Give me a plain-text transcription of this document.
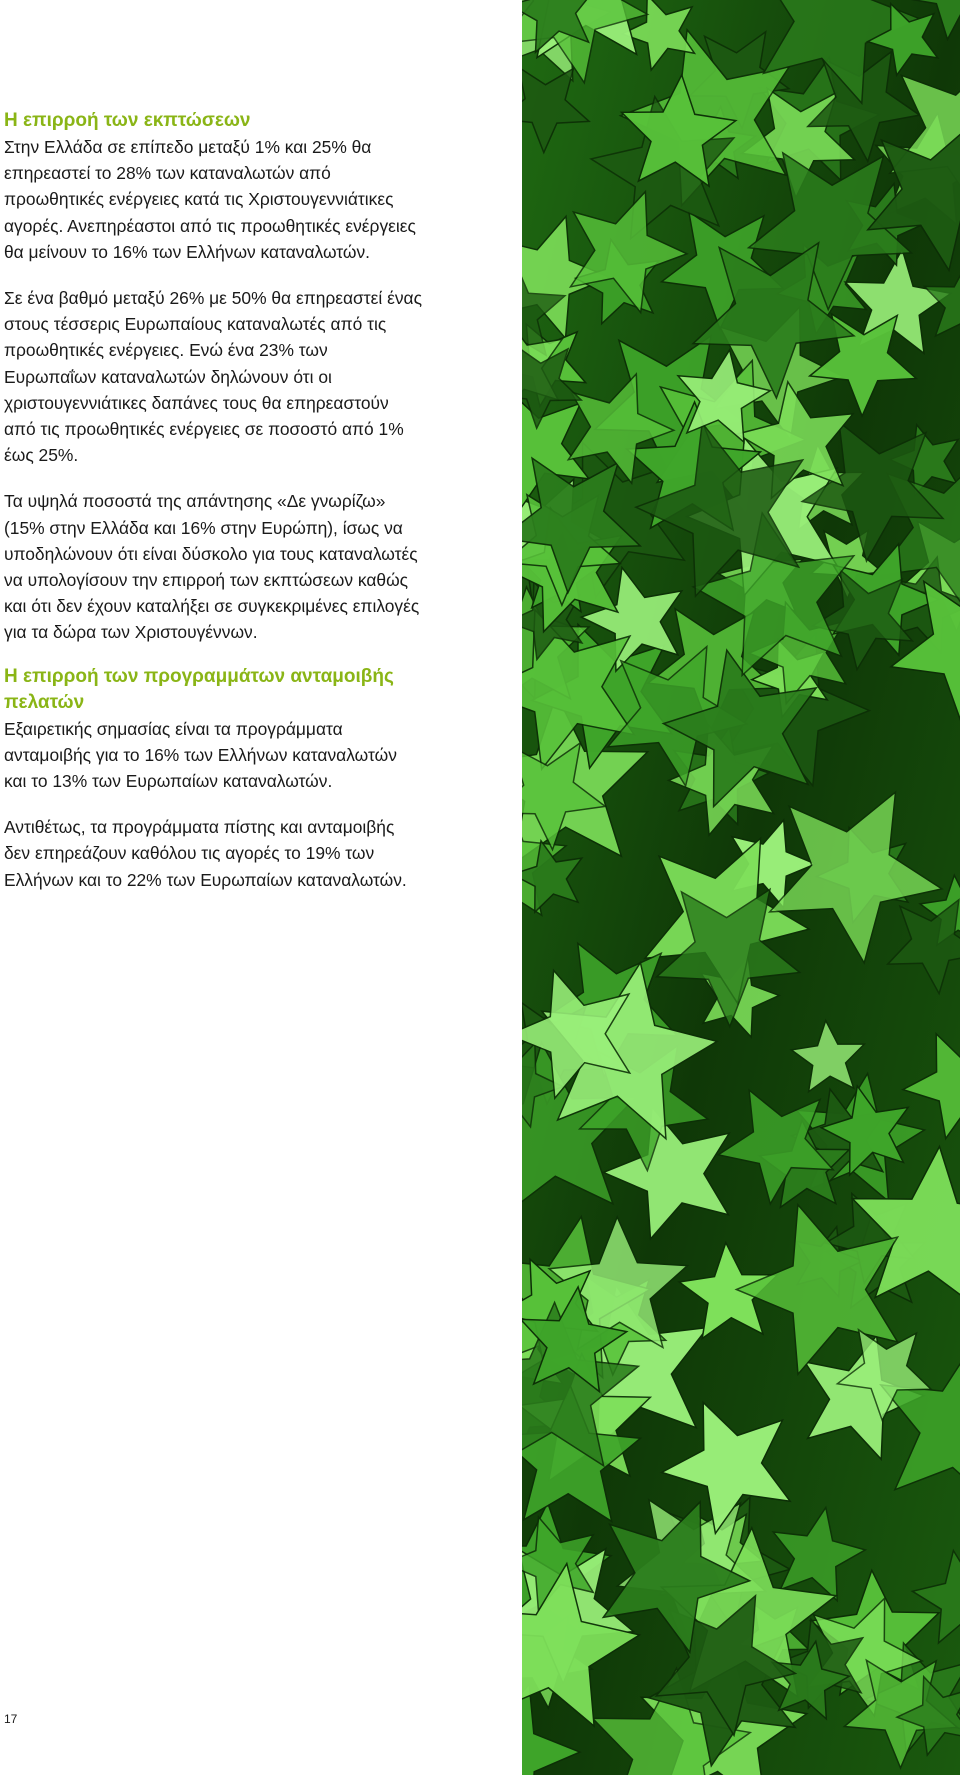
Η επιρροή των εκπτώσεων

Στην Ελλάδα σε επίπεδο μεταξύ 1% και 25% θα επηρεαστεί το 28% των καταναλωτών από προωθητικές ενέργειες κατά τις Χριστουγεννιάτικες αγορές. Ανεπηρέαστοι από τις προωθητικές ενέργειες θα μείνουν το 16% των Ελλήνων καταναλωτών.

Σε ένα βαθμό μεταξύ 26% με 50% θα επηρεαστεί ένας στους τέσσερις Ευρωπαίους καταναλωτές από τις προωθητικές ενέργειες. Ενώ ένα 23% των Ευρωπαΐων καταναλωτών δηλώνουν ότι οι χριστουγεννιάτικες δαπάνες τους θα επηρεαστούν από τις προωθητικές ενέργειες σε ποσοστό από 1% έως 25%.

Τα υψηλά ποσοστά της απάντησης «Δε γνωρίζω» (15% στην Ελλάδα και 16% στην Ευρώπη), ίσως να υποδηλώνουν ότι είναι δύσκολο για τους καταναλωτές να υπολογίσουν την επιρροή των εκπτώσεων καθώς και ότι δεν έχουν καταλήξει σε συγκεκριμένες επιλογές για τα δώρα των Χριστουγέννων.

Η επιρροή των προγραμμάτων ανταμοιβής πελατών

Εξαιρετικής σημασίας είναι τα προγράμματα ανταμοιβής για το 16% των Ελλήνων καταναλωτών και το 13% των Ευρωπαίων καταναλωτών.

Αντιθέτως, τα προγράμματα πίστης και ανταμοιβής δεν επηρεάζουν καθόλου τις αγορές το 19% των Ελλήνων και το 22% των Ευρωπαίων καταναλωτών.

17
